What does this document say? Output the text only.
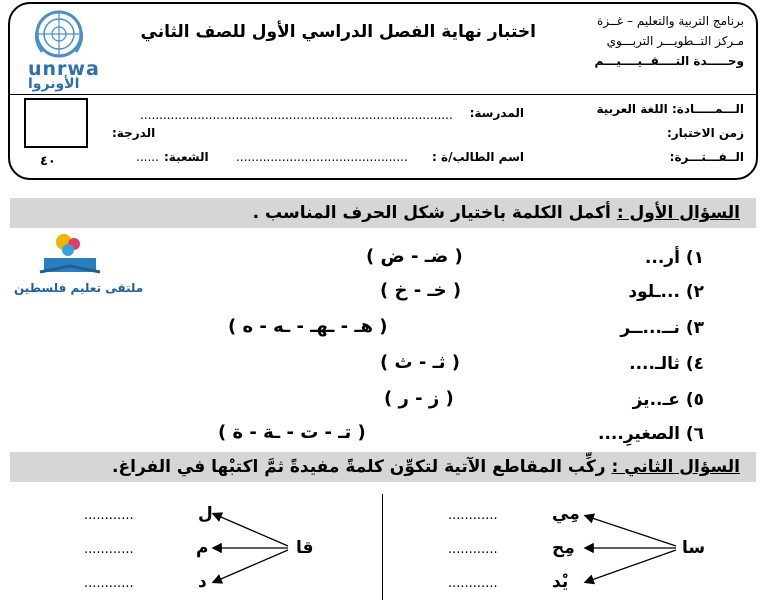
unrwa
الأونروا
اختبار نهاية الفصل الدراسي الأول للصف الثاني
برنامج التربية والتعليم – غــزة
مـركز التــطويـــر التربـــوي
وحـــــدة التــــقــيــــيـــم
الـــمـــــادة: اللغة العربية
زمن الاختبار:
الــفـــتـــرة:
المدرسة:
..................................................................................
اسم الطالب/ة :
.............................................
الشعبة:
......
الدرجة:
٤٠
السؤال الأول : أكمل الكلمة باختيار شكل الحرف المناسب .
ملتقى تعليم فلسطين
١) أر...
( ضـ - ض )
٢) ...ـلود
( خـ - خ )
٣) نــ...ــر
( هـ - ـهـ - ـه - ه )
٤) ثالـ....
( ثـ - ث )
٥) عـ..يز
( ز - ر )
٦) الصغيرِ....
( تـ - ت - ـة - ة )
السؤال الثاني : ركِّب المقاطع الآتية لتكوِّن كلمةً مفيدةً ثمَّ اكتبْها في الفراغ.
سا
مِي
مِح
يْد
............
............
............
قا
ل
م
د
............
............
............
